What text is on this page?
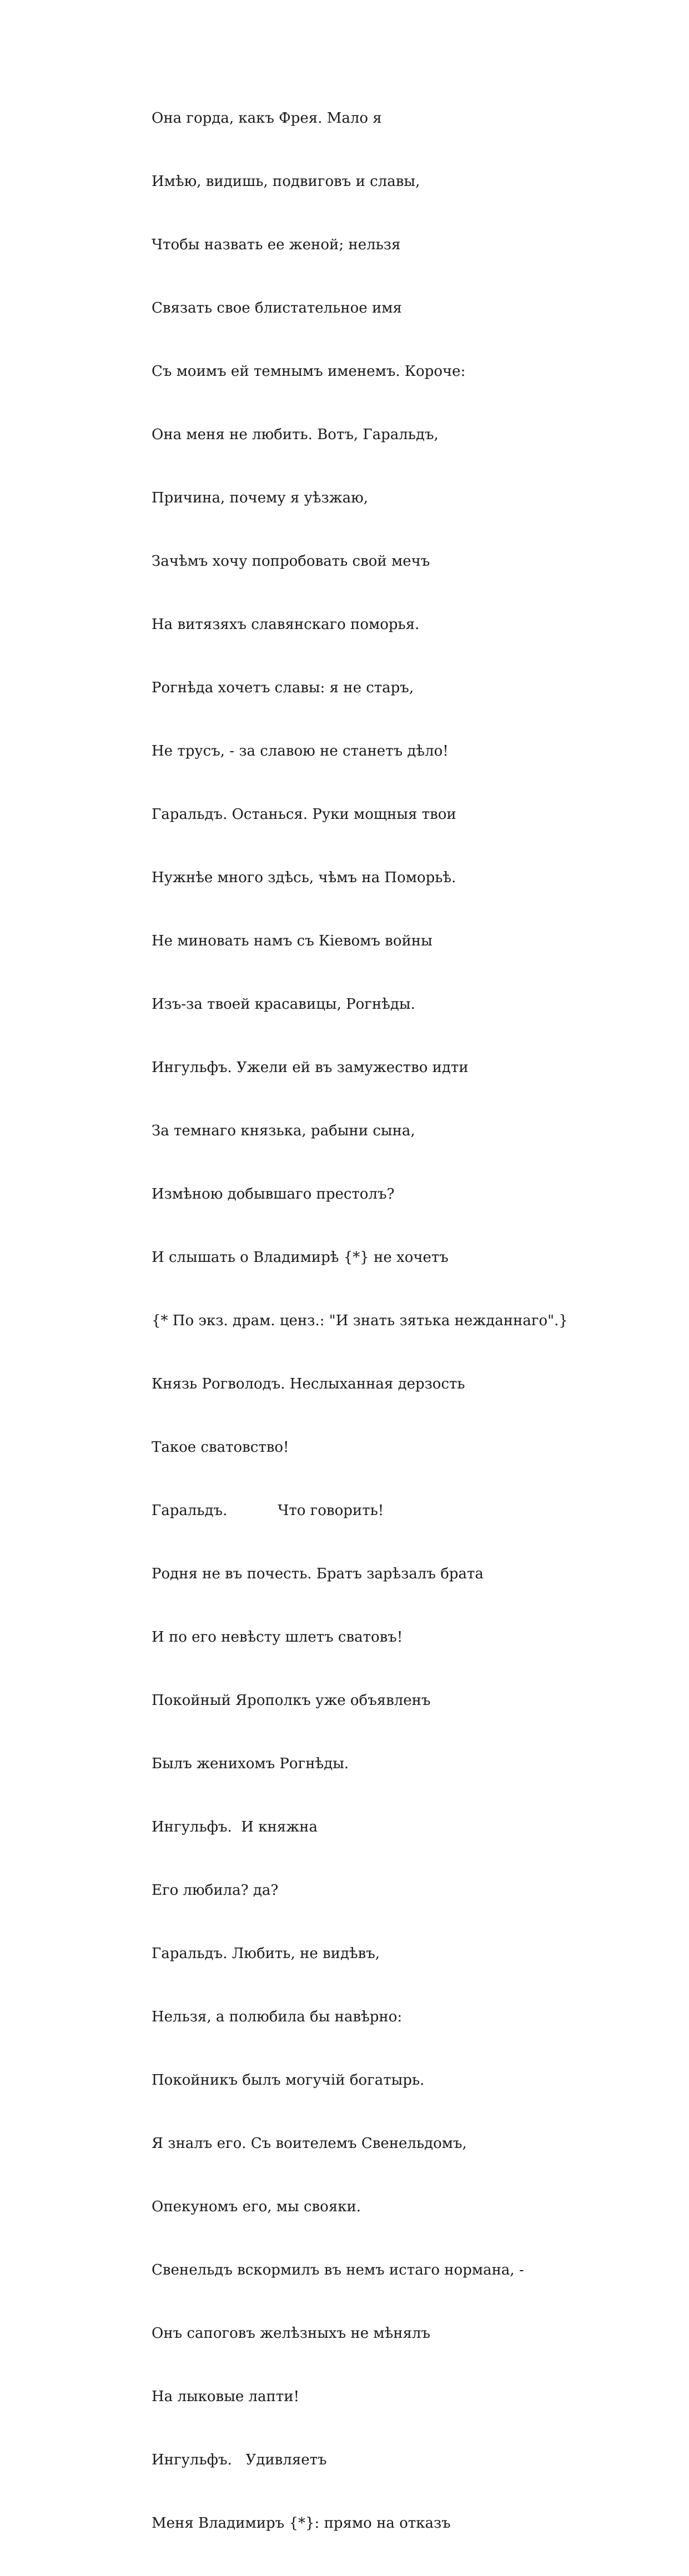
Она горда, какъ Фрея. Мало я

Имѣю, видишь, подвиговъ и славы,

Чтобы назвать ее женой; нельзя

Связать свое блистательное имя

Съ моимъ ей темнымъ именемъ. Короче:

Она меня не любить. Вотъ, Гаральдъ,

Причина, почему я уѣзжаю,

Зачѣмъ хочу попробовать свой мечъ

На витязяхъ славянскаго поморья.

Рогнѣда хочетъ славы: я не старъ,

Не трусъ, - за славою не станетъ дѣло!

Гаральдъ. Останься. Руки мощныя твои

Нужнѣе много здѣсь, чѣмъ на Поморьѣ.

Не миновать намъ съ Кіевомъ войны

Изъ-за твоей красавицы, Рогнѣды.

Ингульфъ. Ужели ей въ замужество идти

За темнаго князька, рабыни сына,

Измѣною добывшаго престолъ?

И слышать о Владимирѣ {*} не хочетъ

{* По экз. драм. ценз.: "И знать зятька нежданнаго".}

Князь Рогволодъ. Неслыханная дерзость

Такое сватовство!

Гаральдъ.           Что говорить!

Родня не въ почесть. Братъ зарѣзалъ брата

И по его невѣсту шлетъ сватовъ!

Покойный Ярополкъ уже объявленъ

Былъ женихомъ Рогнѣды.

Ингульфъ.  И княжна

Его любила? да?

Гаральдъ. Любить, не видѣвъ,

Нельзя, а полюбила бы навѣрно:

Покойникъ былъ могучій богатырь.

Я зналъ его. Съ воителемъ Свенельдомъ,

Опекуномъ его, мы свояки.

Свенельдъ вскормилъ въ немъ истаго нормана, -

Онъ сапоговъ желѣзныхъ не мѣнялъ

На лыковые лапти!

Ингульфъ.   Удивляетъ

Меня Владимиръ {*}: прямо на отказъ
